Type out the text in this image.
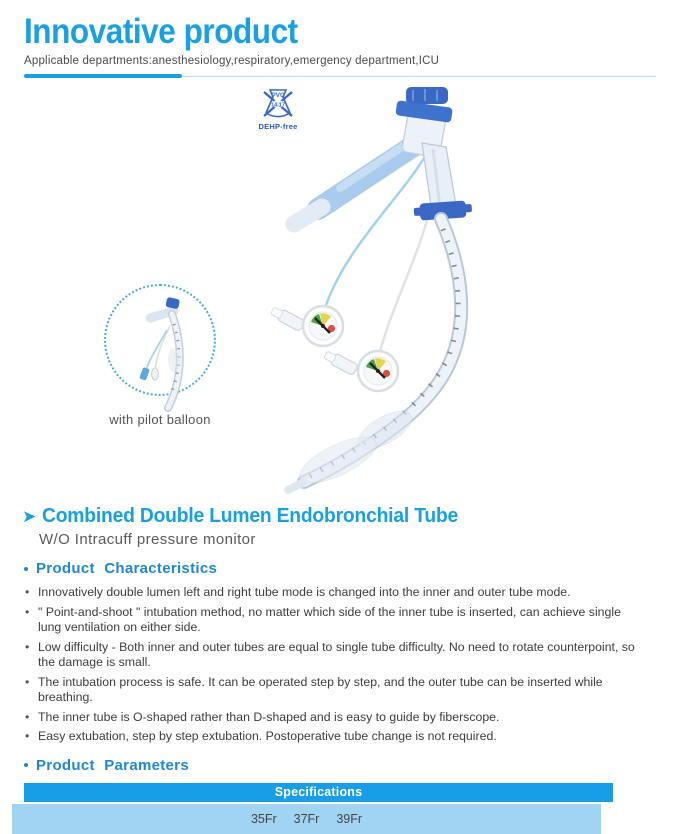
Innovative product
Applicable departments:anesthesiology,respiratory,emergency department,ICU
PVC
14.17
DEHP-free
with pilot balloon
➤ Combined Double Lumen Endobronchial Tube
W/O Intracuff pressure monitor
Product Characteristics
• Innovatively double lumen left and right tube mode is changed into the inner and outer tube mode.
• " Point-and-shoot " intubation method, no matter which side of the inner tube is inserted, can achieve single lung ventilation on either side.
• Low difficulty - Both inner and outer tubes are equal to single tube difficulty. No need to rotate counterpoint, so the damage is small.
• The intubation process is safe. It can be operated step by step, and the outer tube can be inserted while breathing.
• The inner tube is O-shaped rather than D-shaped and is easy to guide by fiberscope.
• Easy extubation, step by step extubation. Postoperative tube change is not required.
Product Parameters
Specifications
35Fr 37Fr 39Fr
